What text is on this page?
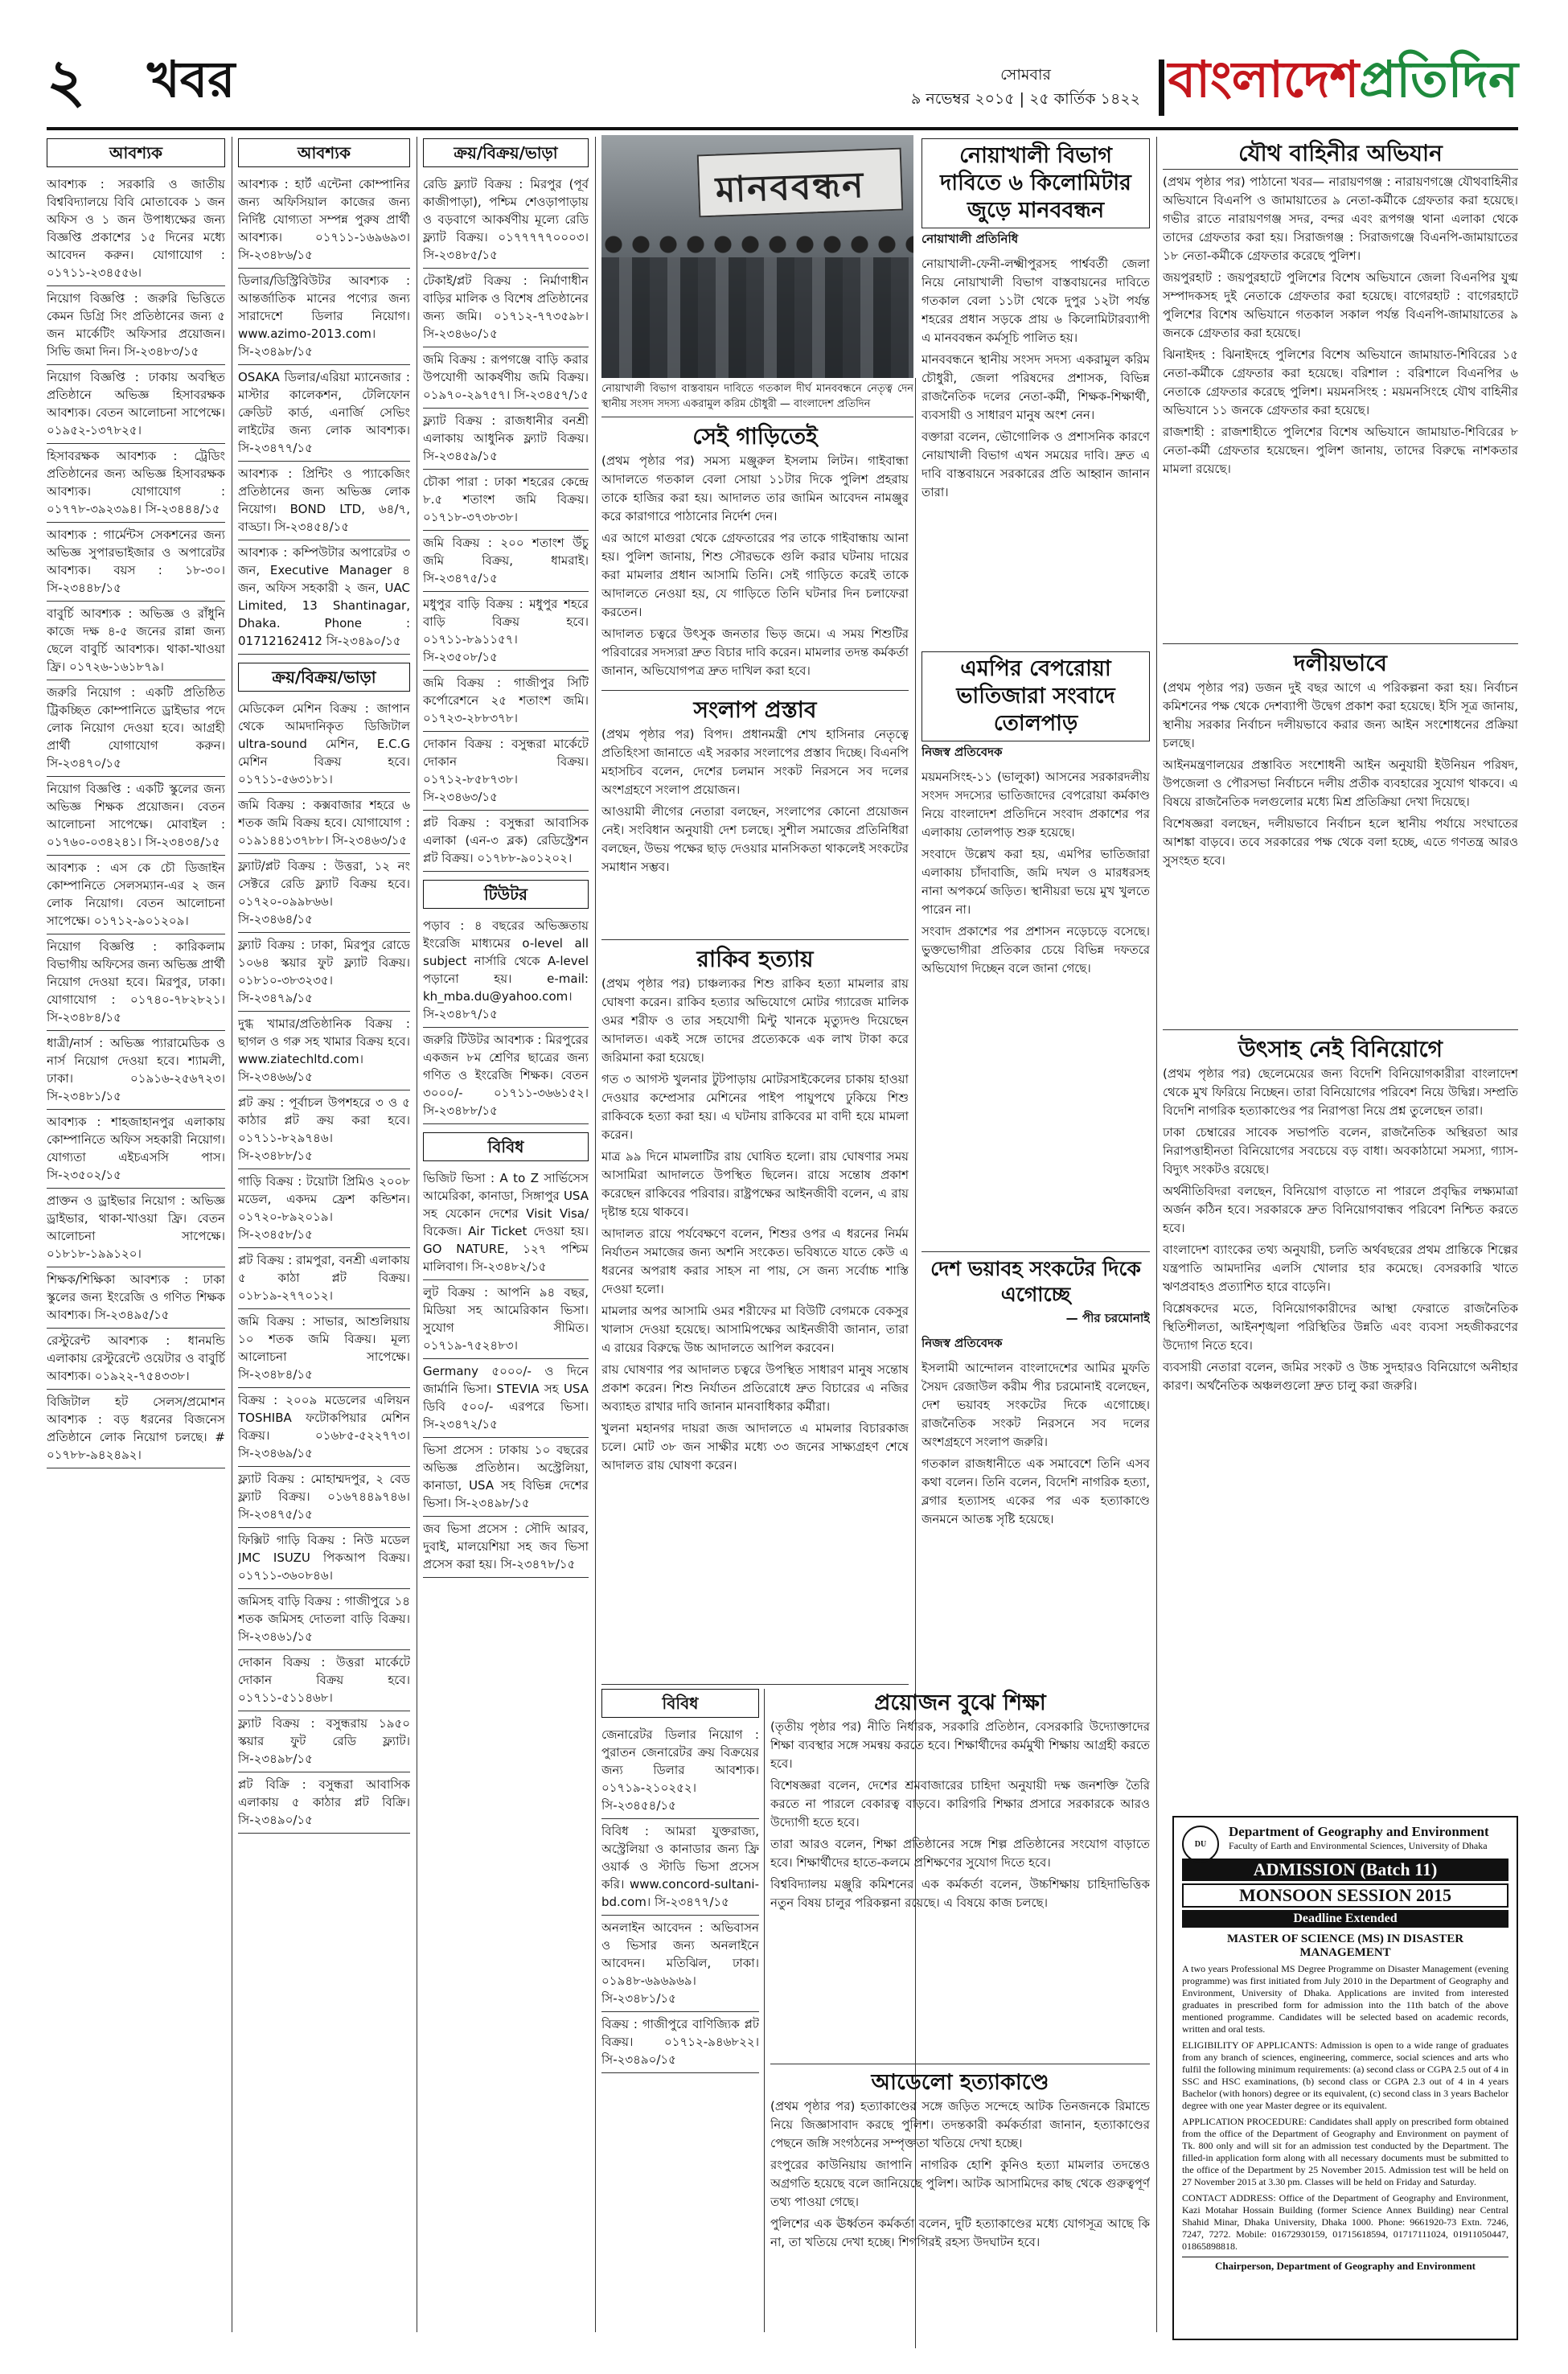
২ খবর	সোমবার
৯ নভেম্বর ২০১৫ | ২৫ কার্তিক ১৪২২ বাংলাদেশপ্রতিদিন
আবশ্যক

আবশ্যক : সরকারি ও জাতীয় বিশ্ববিদ্যালয়ে বিবি মোতাবেক ১ জন অফিস ও ১ জন উপাধ্যক্ষের জন্য বিজ্ঞপ্তি প্রকাশের ১৫ দিনের মধ্যে আবেদন করুন। যোগাযোগ : ০১৭১১-২৩৪৫৫৬।

নিয়োগ বিজ্ঞপ্তি : জরুরি ভিত্তিতে কেমন ডিগ্রি সিং প্রতিষ্ঠানের জন্য ৫ জন মার্কেটিং অফিসার প্রয়োজন। সিভি জমা দিন। সি-২৩৪৮৩/১৫

নিয়োগ বিজ্ঞপ্তি : ঢাকায় অবস্থিত প্রতিষ্ঠানে অভিজ্ঞ হিসাবরক্ষক আবশ্যক। বেতন আলোচনা সাপেক্ষে। ০১৯৫২-১৩৭৮২৫।

হিসাবরক্ষক আবশ্যক : ট্রেডিং প্রতিষ্ঠানের জন্য অভিজ্ঞ হিসাবরক্ষক আবশ্যক। যোগাযোগ : ০১৭৭৮-৩৯২৩৯৪। সি-২৩৪৪৪/১৫

আবশ্যক : গার্মেন্টস সেকশনের জন্য অভিজ্ঞ সুপারভাইজার ও অপারেটর আবশ্যক। বয়স : ১৮-৩০। সি-২৩৪৪৮/১৫

বাবুর্চি আবশ্যক : অভিজ্ঞ ও রাঁধুনি কাজে দক্ষ ৪-৫ জনের রান্না জন্য ছেলে বাবুর্চি আবশ্যক। থাকা-খাওয়া ফ্রি। ০১৭২৬-১৬১৮৭৯।

জরুরি নিয়োগ : একটি প্রতিষ্ঠিত ট্রিকচ্ছিত কোম্পানিতে ড্রাইভার পদে লোক নিয়োগ দেওয়া হবে। আগ্রহী প্রার্থী যোগাযোগ করুন। সি-২৩৪৭০/১৫

নিয়োগ বিজ্ঞপ্তি : একটি স্কুলের জন্য অভিজ্ঞ শিক্ষক প্রয়োজন। বেতন আলোচনা সাপেক্ষে। মোবাইল : ০১৭৬০-০৩৪২৪১। সি-২৩৪৩৪/১৫

আবশ্যক : এস কে চৌ ডিজাইন কোম্পানিতে সেলসম্যান-এর ২ জন লোক নিয়োগ। বেতন আলোচনা সাপেক্ষে। ০১৭১২-৯০১২০৯।

নিয়োগ বিজ্ঞপ্তি : কারিকলাম বিভাগীয় অফিসের জন্য অভিজ্ঞ প্রার্থী নিয়োগ দেওয়া হবে। মিরপুর, ঢাকা। যোগাযোগ : ০১৭৪০-৭৮২৮২১। সি-২৩৪৮৪/১৫

ধাত্রী/নার্স : অভিজ্ঞ প্যারামেডিক ও নার্স নিয়োগ দেওয়া হবে। শ্যামলী, ঢাকা। ০১৯১৬-২৫৬৭২৩। সি-২৩৪৮১/১৫

আবশ্যক : শাহজাহানপুর এলাকায় কোম্পানিতে অফিস সহকারী নিয়োগ। যোগ্যতা এইচএসসি পাস। সি-২৩৫০২/১৫

প্রাক্তন ও ড্রাইভার নিয়োগ : অভিজ্ঞ ড্রাইভার, থাকা-খাওয়া ফ্রি। বেতন আলোচনা সাপেক্ষে। ০১৮১৮-১৯৯১২০।

শিক্ষক/শিক্ষিকা আবশ্যক : ঢাকা স্কুলের জন্য ইংরেজি ও গণিত শিক্ষক আবশ্যক। সি-২৩৪৯৫/১৫

রেস্টুরেন্ট আবশ্যক : ধানমন্ডি এলাকায় রেস্টুরেন্টে ওয়েটার ও বাবুর্চি আবশ্যক। ০১৯২২-৭৫৪৩৩৮।

বিজিটাল হট সেলস/প্রমোশন আবশ্যক : বড় ধরনের বিজনেস প্রতিষ্ঠানে লোক নিয়োগ চলছে। # ০১৭৮৮-৯৪২৪৯২।

আবশ্যক

আবশ্যক : হার্ট এন্টেনা কোম্পানির জন্য অফিসিয়াল কাজের জন্য নির্দিষ্ট যোগ্যতা সম্পন্ন পুরুষ প্রার্থী আবশ্যক। ০১৭১১-১৬৯৬৯৩। সি-২৩৪৮৬/১৫

ডিলার/ডিস্ট্রিবিউটর আবশ্যক : আন্তর্জাতিক মানের পণ্যের জন্য সারাদেশে ডিলার নিয়োগ। www.azimo-2013.com। সি-২৩৪৯৮/১৫

OSAKA ডিলার/এরিয়া ম্যানেজার : মাস্টার কালেকশন, টেলিফোন ক্রেডিট কার্ড, এনার্জি সেভিং লাইটের জন্য লোক আবশ্যক। সি-২৩৪৭৭/১৫

আবশ্যক : প্রিন্টিং ও প্যাকেজিং প্রতিষ্ঠানের জন্য অভিজ্ঞ লোক নিয়োগ। BOND LTD, ৬৪/৭, বাড্ডা। সি-২৩৪৫৪/১৫

আবশ্যক : কম্পিউটার অপারেটর ৩ জন, Executive Manager ৪ জন, অফিস সহকারী ২ জন, UAC Limited, 13 Shantinagar, Dhaka. Phone : 01712162412 সি-২৩৪৯০/১৫

ক্রয়/বিক্রয়/ভাড়া

মেডিকেল মেশিন বিক্রয় : জাপান থেকে আমদানিকৃত ডিজিটাল ultra-sound মেশিন, E.C.G মেশিন বিক্রয় হবে। ০১৭১১-৫৬৩১৮১।

জমি বিক্রয় : কক্সবাজার শহরে ৬ শতক জমি বিক্রয় হবে। যোগাযোগ : ০১৯১৪৪১৩৭৮৮। সি-২৩৪৬৩/১৫

ফ্ল্যাট/প্লট বিক্রয় : উত্তরা, ১২ নং সেক্টরে রেডি ফ্ল্যাট বিক্রয় হবে। ০১৭২০-০৯৯৮৬৬। সি-২৩৪৬৪/১৫

ফ্ল্যাট বিক্রয় : ঢাকা, মিরপুর রোডে ১০৬৪ স্কয়ার ফুট ফ্ল্যাট বিক্রয়। ০১৮১০-৩৮৩২৩৫। সি-২৩৪৭৯/১৫

দুগ্ধ খামার/প্রতিষ্ঠানিক বিক্রয় : ছাগল ও গরু সহ খামার বিক্রয় হবে। www.ziatechltd.com। সি-২৩৪৬৬/১৫

প্লট ক্রয় : পূর্বাচল উপশহরে ৩ ও ৫ কাঠার প্লট ক্রয় করা হবে। ০১৭১১-৮২৯৭৪৬। সি-২৩৪৮৮/১৫

গাড়ি বিক্রয় : টয়োটা প্রিমিও ২০০৮ মডেল, একদম ফ্রেশ কন্ডিশন। ০১৭২০-৮৯২০১৯। সি-২৩৪৫৮/১৫

প্লট বিক্রয় : রামপুরা, বনশ্রী এলাকায় ৫ কাঠা প্লট বিক্রয়। ০১৮১৯-২৭৭০১২।

জমি বিক্রয় : সাভার, আশুলিয়ায় ১০ শতক জমি বিক্রয়। মূল্য আলোচনা সাপেক্ষে। সি-২৩৪৮৪/১৫

বিক্রয় : ২০০৯ মডেলের এলিয়ন TOSHIBA ফটোকপিয়ার মেশিন বিক্রয়। ০১৬৮৫-৫২২৭৭৩। সি-২৩৪৬৯/১৫

ফ্ল্যাট বিক্রয় : মোহাম্মদপুর, ২ বেড ফ্ল্যাট বিক্রয়। ০১৬৭৪৪৯৭৪৬। সি-২৩৪৭৫/১৫

ফিক্সিট গাড়ি বিক্রয় : নিউ মডেল JMC ISUZU পিকআপ বিক্রয়। ০১৭১১-৩৬০৮৪৬।

জমিসহ বাড়ি বিক্রয় : গাজীপুরে ১৪ শতক জমিসহ দোতলা বাড়ি বিক্রয়। সি-২৩৪৬১/১৫

দোকান বিক্রয় : উত্তরা মার্কেটে দোকান বিক্রয় হবে। ০১৭১১-৫১১৪৬৮।

ফ্ল্যাট বিক্রয় : বসুন্ধরায় ১৯৫০ স্কয়ার ফুট রেডি ফ্ল্যাট। সি-২৩৪৯৮/১৫

প্লট বিক্রি : বসুন্ধরা আবাসিক এলাকায় ৫ কাঠার প্লট বিক্রি। সি-২৩৪৯০/১৫

ক্রয়/বিক্রয়/ভাড়া

রেডি ফ্ল্যাট বিক্রয় : মিরপুর (পূর্ব কাজীপাড়া), পশ্চিম শেওড়াপাড়ায় ও বড়বাগে আকর্ষণীয় মূল্যে রেডি ফ্ল্যাট বিক্রয়। ০১৭৭৭৭৭০০০৩। সি-২৩৪৮৫/১৫

টেকাই/প্লট বিক্রয় : নির্মাণাধীন বাড়ির মালিক ও বিশেষ প্রতিষ্ঠানের জন্য জমি। ০১৭১২-৭৭৩৫৯৮। সি-২৩৪৬০/১৫

জমি বিক্রয় : রূপগঞ্জে বাড়ি করার উপযোগী আকর্ষণীয় জমি বিক্রয়। ০১৯৭০-২৯৭৫৭। সি-২৩৪৫৭/১৫

ফ্ল্যাট বিক্রয় : রাজধানীর বনশ্রী এলাকায় আধুনিক ফ্ল্যাট বিক্রয়। সি-২৩৪৫৯/১৫

চৌকা পারা : ঢাকা শহরের কেন্দ্রে ৮.৫ শতাংশ জমি বিক্রয়। ০১৭১৮-৩৭৩৮৩৮।

জমি বিক্রয় : ২০০ শতাংশ উঁচু জমি বিক্রয়, ধামরাই। সি-২৩৪৭৫/১৫

মধুপুর বাড়ি বিক্রয় : মধুপুর শহরে বাড়ি বিক্রয় হবে। ০১৭১১-৮৯১১৫৭। সি-২৩৫০৮/১৫

জমি বিক্রয় : গাজীপুর সিটি কর্পোরেশনে ২৫ শতাংশ জমি। ০১৭২৩-২৮৮৩৭৮।

দোকান বিক্রয় : বসুন্ধরা মার্কেটে দোকান বিক্রয়। ০১৭১২-৮৫৮৭৩৮। সি-২৩৪৬৩/১৫

প্লট বিক্রয় : বসুন্ধরা আবাসিক এলাকা (এন-৩ ব্লক) রেডিস্ট্রেশন প্লট বিক্রয়। ০১৭৮৮-৯০১২০২।

টিউটর

পড়াব : ৪ বছরের অভিজ্ঞতায় ইংরেজি মাধ্যমের o-level all subject নার্সারি থেকে A-level পড়ানো হয়। e-mail: kh_mba.du@yahoo.com। সি-২৩৪৮৭/১৫

জরুরি টিউটর আবশ্যক : মিরপুরের একজন ৮ম শ্রেণির ছাত্রের জন্য গণিত ও ইংরেজি শিক্ষক। বেতন ৩০০০/- ০১৭১১-৩৬৬১৫২। সি-২৩৪৮৮/১৫

বিবিধ

ভিজিট ভিসা : A to Z সার্ভিসেস আমেরিকা, কানাডা, সিঙ্গাপুর USA সহ যেকোন দেশের Visit Visa/বিকেজ। Air Ticket দেওয়া হয়। GO NATURE, ১২৭ পশ্চিম মালিবাগ। সি-২৩৪৮২/১৫

লুট বিক্রয় : আপনি ৯৪ বছর, মিডিয়া সহ আমেরিকান ভিসা। সুযোগ সীমিত। ০১৭১৯-৭৫২৪৮৩।

Germany ৫০০০/- ও দিনে জার্মানি ভিসা। STEVIA সহ USA ডিবি ৫০০/- এরপরে ভিসা। সি-২৩৪৭২/১৫

ভিসা প্রসেস : ঢাকায় ১০ বছরের অভিজ্ঞ প্রতিষ্ঠান। অস্ট্রেলিয়া, কানাডা, USA সহ বিভিন্ন দেশের ভিসা। সি-২৩৪৯৮/১৫

জব ভিসা প্রসেস : সৌদি আরব, দুবাই, মালয়েশিয়া সহ জব ভিসা প্রসেস করা হয়। সি-২৩৪৭৮/১৫

মানববন্ধন
নোয়াখালী বিভাগ বাস্তবায়ন দাবিতে গতকাল দীর্ঘ মানববন্ধনে নেতৃত্ব দেন স্থানীয় সংসদ সদস্য একরামুল করিম চৌধুরী — বাংলাদেশ প্রতিদিন

নোয়াখালী বিভাগ দাবিতে ৬ কিলোমিটার জুড়ে মানববন্ধন

নোয়াখালী প্রতিনিধি

নোয়াখালী-ফেনী-লক্ষ্মীপুরসহ পার্শ্ববর্তী জেলা নিয়ে নোয়াখালী বিভাগ বাস্তবায়নের দাবিতে গতকাল বেলা ১১টা থেকে দুপুর ১২টা পর্যন্ত শহরের প্রধান সড়কে প্রায় ৬ কিলোমিটারব্যাপী এ মানববন্ধন কর্মসূচি পালিত হয়।

মানববন্ধনে স্থানীয় সংসদ সদস্য একরামুল করিম চৌধুরী, জেলা পরিষদের প্রশাসক, বিভিন্ন রাজনৈতিক দলের নেতা-কর্মী, শিক্ষক-শিক্ষার্থী, ব্যবসায়ী ও সাধারণ মানুষ অংশ নেন।

বক্তারা বলেন, ভৌগোলিক ও প্রশাসনিক কারণে নোয়াখালী বিভাগ এখন সময়ের দাবি। দ্রুত এ দাবি বাস্তবায়নে সরকারের প্রতি আহ্বান জানান তারা।

যৌথ বাহিনীর অভিযান

(প্রথম পৃষ্ঠার পর) পাঠানো খবর— নারায়ণগঞ্জ : নারায়ণগঞ্জে যৌথবাহিনীর অভিযানে বিএনপি ও জামায়াতের ৯ নেতা-কর্মীকে গ্রেফতার করা হয়েছে। গভীর রাতে নারায়ণগঞ্জ সদর, বন্দর এবং রূপগঞ্জ থানা এলাকা থেকে তাদের গ্রেফতার করা হয়। সিরাজগঞ্জ : সিরাজগঞ্জে বিএনপি-জামায়াতের ১৮ নেতা-কর্মীকে গ্রেফতার করেছে পুলিশ।

জয়পুরহাট : জয়পুরহাটে পুলিশের বিশেষ অভিযানে জেলা বিএনপির যুগ্ম সম্পাদকসহ দুই নেতাকে গ্রেফতার করা হয়েছে। বাগেরহাট : বাগেরহাটে পুলিশের বিশেষ অভিযানে গতকাল সকাল পর্যন্ত বিএনপি-জামায়াতের ৯ জনকে গ্রেফতার করা হয়েছে।

ঝিনাইদহ : ঝিনাইদহে পুলিশের বিশেষ অভিযানে জামায়াত-শিবিরের ১৫ নেতা-কর্মীকে গ্রেফতার করা হয়েছে। বরিশাল : বরিশালে বিএনপির ৬ নেতাকে গ্রেফতার করেছে পুলিশ। ময়মনসিংহ : ময়মনসিংহে যৌথ বাহিনীর অভিযানে ১১ জনকে গ্রেফতার করা হয়েছে।

রাজশাহী : রাজশাহীতে পুলিশের বিশেষ অভিযানে জামায়াত-শিবিরের ৮ নেতা-কর্মী গ্রেফতার হয়েছেন। পুলিশ জানায়, তাদের বিরুদ্ধে নাশকতার মামলা রয়েছে।

দলীয়ভাবে

(প্রথম পৃষ্ঠার পর) ডজন দুই বছর আগে এ পরিকল্পনা করা হয়। নির্বাচন কমিশনের পক্ষ থেকে দেশব্যাপী উদ্বেগ প্রকাশ করা হয়েছে। ইসি সূত্র জানায়, স্থানীয় সরকার নির্বাচন দলীয়ভাবে করার জন্য আইন সংশোধনের প্রক্রিয়া চলছে।

আইনমন্ত্রণালয়ের প্রস্তাবিত সংশোধনী আইন অনুযায়ী ইউনিয়ন পরিষদ, উপজেলা ও পৌরসভা নির্বাচনে দলীয় প্রতীক ব্যবহারের সুযোগ থাকবে। এ বিষয়ে রাজনৈতিক দলগুলোর মধ্যে মিশ্র প্রতিক্রিয়া দেখা দিয়েছে।

বিশেষজ্ঞরা বলছেন, দলীয়ভাবে নির্বাচন হলে স্থানীয় পর্যায়ে সংঘাতের আশঙ্কা বাড়বে। তবে সরকারের পক্ষ থেকে বলা হচ্ছে, এতে গণতন্ত্র আরও সুসংহত হবে।

উৎসাহ নেই বিনিয়োগে

(প্রথম পৃষ্ঠার পর) ছেলেমেয়ের জন্য বিদেশি বিনিয়োগকারীরা বাংলাদেশ থেকে মুখ ফিরিয়ে নিচ্ছেন। তারা বিনিয়োগের পরিবেশ নিয়ে উদ্বিগ্ন। সম্প্রতি বিদেশি নাগরিক হত্যাকাণ্ডের পর নিরাপত্তা নিয়ে প্রশ্ন তুলেছেন তারা।

ঢাকা চেম্বারের সাবেক সভাপতি বলেন, রাজনৈতিক অস্থিরতা আর নিরাপত্তাহীনতা বিনিয়োগের সবচেয়ে বড় বাধা। অবকাঠামো সমস্যা, গ্যাস-বিদ্যুৎ সংকটও রয়েছে।

অর্থনীতিবিদরা বলছেন, বিনিয়োগ বাড়াতে না পারলে প্রবৃদ্ধির লক্ষ্যমাত্রা অর্জন কঠিন হবে। সরকারকে দ্রুত বিনিয়োগবান্ধব পরিবেশ নিশ্চিত করতে হবে।

বাংলাদেশ ব্যাংকের তথ্য অনুযায়ী, চলতি অর্থবছরের প্রথম প্রান্তিকে শিল্পের যন্ত্রপাতি আমদানির এলসি খোলার হার কমেছে। বেসরকারি খাতে ঋণপ্রবাহও প্রত্যাশিত হারে বাড়েনি।

বিশ্লেষকদের মতে, বিনিয়োগকারীদের আস্থা ফেরাতে রাজনৈতিক স্থিতিশীলতা, আইনশৃঙ্খলা পরিস্থিতির উন্নতি এবং ব্যবসা সহজীকরণের উদ্যোগ নিতে হবে।

ব্যবসায়ী নেতারা বলেন, জমির সংকট ও উচ্চ সুদহারও বিনিয়োগে অনীহার কারণ। অর্থনৈতিক অঞ্চলগুলো দ্রুত চালু করা জরুরি।

সেই গাড়িতেই

(প্রথম পৃষ্ঠার পর) সমস্য মঞ্জুরুল ইসলাম লিটন। গাইবান্ধা আদালতে গতকাল বেলা সোয়া ১১টার দিকে পুলিশ প্রহরায় তাকে হাজির করা হয়। আদালত তার জামিন আবেদন নামঞ্জুর করে কারাগারে পাঠানোর নির্দেশ দেন।

এর আগে মাগুরা থেকে গ্রেফতারের পর তাকে গাইবান্ধায় আনা হয়। পুলিশ জানায়, শিশু সৌরভকে গুলি করার ঘটনায় দায়ের করা মামলার প্রধান আসামি তিনি। সেই গাড়িতে করেই তাকে আদালতে নেওয়া হয়, যে গাড়িতে তিনি ঘটনার দিন চলাফেরা করতেন।

আদালত চত্বরে উৎসুক জনতার ভিড় জমে। এ সময় শিশুটির পরিবারের সদস্যরা দ্রুত বিচার দাবি করেন। মামলার তদন্ত কর্মকর্তা জানান, অভিযোগপত্র দ্রুত দাখিল করা হবে।

সংলাপ প্রস্তাব

(প্রথম পৃষ্ঠার পর) বিপদ। প্রধানমন্ত্রী শেখ হাসিনার নেতৃত্বে প্রতিহিংসা জানাতে এই সরকার সংলাপের প্রস্তাব দিচ্ছে। বিএনপি মহাসচিব বলেন, দেশের চলমান সংকট নিরসনে সব দলের অংশগ্রহণে সংলাপ প্রয়োজন।

আওয়ামী লীগের নেতারা বলছেন, সংলাপের কোনো প্রয়োজন নেই। সংবিধান অনুযায়ী দেশ চলছে। সুশীল সমাজের প্রতিনিধিরা বলছেন, উভয় পক্ষের ছাড় দেওয়ার মানসিকতা থাকলেই সংকটের সমাধান সম্ভব।

রাকিব হত্যায়

(প্রথম পৃষ্ঠার পর) চাঞ্চল্যকর শিশু রাকিব হত্যা মামলার রায় ঘোষণা করেন। রাকিব হত্যার অভিযোগে মোটর গ্যারেজ মালিক ওমর শরীফ ও তার সহযোগী মিন্টু খানকে মৃত্যুদণ্ড দিয়েছেন আদালত। একই সঙ্গে তাদের প্রত্যেককে এক লাখ টাকা করে জরিমানা করা হয়েছে।

গত ৩ আগস্ট খুলনার টুটপাড়ায় মোটরসাইকেলের চাকায় হাওয়া দেওয়ার কম্প্রেসার মেশিনের পাইপ পায়ুপথে ঢুকিয়ে শিশু রাকিবকে হত্যা করা হয়। এ ঘটনায় রাকিবের মা বাদী হয়ে মামলা করেন।

মাত্র ৯৯ দিনে মামলাটির রায় ঘোষিত হলো। রায় ঘোষণার সময় আসামিরা আদালতে উপস্থিত ছিলেন। রায়ে সন্তোষ প্রকাশ করেছেন রাকিবের পরিবার। রাষ্ট্রপক্ষের আইনজীবী বলেন, এ রায় দৃষ্টান্ত হয়ে থাকবে।

আদালত রায়ে পর্যবেক্ষণে বলেন, শিশুর ওপর এ ধরনের নির্মম নির্যাতন সমাজের জন্য অশনি সংকেত। ভবিষ্যতে যাতে কেউ এ ধরনের অপরাধ করার সাহস না পায়, সে জন্য সর্বোচ্চ শাস্তি দেওয়া হলো।

মামলার অপর আসামি ওমর শরীফের মা বিউটি বেগমকে বেকসুর খালাস দেওয়া হয়েছে। আসামিপক্ষের আইনজীবী জানান, তারা এ রায়ের বিরুদ্ধে উচ্চ আদালতে আপিল করবেন।

রায় ঘোষণার পর আদালত চত্বরে উপস্থিত সাধারণ মানুষ সন্তোষ প্রকাশ করেন। শিশু নির্যাতন প্রতিরোধে দ্রুত বিচারের এ নজির অব্যাহত রাখার দাবি জানান মানবাধিকার কর্মীরা।

খুলনা মহানগর দায়রা জজ আদালতে এ মামলার বিচারকাজ চলে। মোট ৩৮ জন সাক্ষীর মধ্যে ৩৩ জনের সাক্ষ্যগ্রহণ শেষে আদালত রায় ঘোষণা করেন।

এমপির বেপরোয়া ভাতিজারা সংবাদে তোলপাড়

নিজস্ব প্রতিবেদক

ময়মনসিংহ-১১ (ভালুকা) আসনের সরকারদলীয় সংসদ সদস্যের ভাতিজাদের বেপরোয়া কর্মকাণ্ড নিয়ে বাংলাদেশ প্রতিদিনে সংবাদ প্রকাশের পর এলাকায় তোলপাড় শুরু হয়েছে।

সংবাদে উল্লেখ করা হয়, এমপির ভাতিজারা এলাকায় চাঁদাবাজি, জমি দখল ও মারধরসহ নানা অপকর্মে জড়িত। স্থানীয়রা ভয়ে মুখ খুলতে পারেন না।

সংবাদ প্রকাশের পর প্রশাসন নড়েচড়ে বসেছে। ভুক্তভোগীরা প্রতিকার চেয়ে বিভিন্ন দফতরে অভিযোগ দিচ্ছেন বলে জানা গেছে।

দেশ ভয়াবহ সংকটের দিকে এগোচ্ছে

— পীর চরমোনাই

নিজস্ব প্রতিবেদক

ইসলামী আন্দোলন বাংলাদেশের আমির মুফতি সৈয়দ রেজাউল করীম পীর চরমোনাই বলেছেন, দেশ ভয়াবহ সংকটের দিকে এগোচ্ছে। রাজনৈতিক সংকট নিরসনে সব দলের অংশগ্রহণে সংলাপ জরুরি।

গতকাল রাজধানীতে এক সমাবেশে তিনি এসব কথা বলেন। তিনি বলেন, বিদেশি নাগরিক হত্যা, ব্লগার হত্যাসহ একের পর এক হত্যাকাণ্ডে জনমনে আতঙ্ক সৃষ্টি হয়েছে।

বিবিধ

জেনারেটর ডিলার নিয়োগ : পুরাতন জেনারেটর ক্রয় বিক্রয়ের জন্য ডিলার আবশ্যক। ০১৭১৯-২১০২৫২। সি-২৩৪৫৪/১৫

বিবিধ : আমরা যুক্তরাজ্য, অস্ট্রেলিয়া ও কানাডার জন্য ফ্রি ওয়ার্ক ও স্টাডি ভিসা প্রসেস করি। www.concord-sultani-bd.com। সি-২৩৪৭৭/১৫

অনলাইন আবেদন : অভিবাসন ও ভিসার জন্য অনলাইনে আবেদন। মতিঝিল, ঢাকা। ০১৯৪৮-৬৯৬৯৬৯। সি-২৩৪৮১/১৫

বিক্রয় : গাজীপুরে বাণিজ্যিক প্লট বিক্রয়। ০১৭১২-৯৪৬৮২২। সি-২৩৪৯০/১৫

প্রয়োজন বুঝে শিক্ষা

(তৃতীয় পৃষ্ঠার পর) নীতি নির্ধারক, সরকারি প্রতিষ্ঠান, বেসরকারি উদ্যোক্তাদের শিক্ষা ব্যবস্থার সঙ্গে সমন্বয় করতে হবে। শিক্ষার্থীদের কর্মমুখী শিক্ষায় আগ্রহী করতে হবে।

বিশেষজ্ঞরা বলেন, দেশের শ্রমবাজারের চাহিদা অনুযায়ী দক্ষ জনশক্তি তৈরি করতে না পারলে বেকারত্ব বাড়বে। কারিগরি শিক্ষার প্রসারে সরকারকে আরও উদ্যোগী হতে হবে।

তারা আরও বলেন, শিক্ষা প্রতিষ্ঠানের সঙ্গে শিল্প প্রতিষ্ঠানের সংযোগ বাড়াতে হবে। শিক্ষার্থীদের হাতে-কলমে প্রশিক্ষণের সুযোগ দিতে হবে।

বিশ্ববিদ্যালয় মঞ্জুরি কমিশনের এক কর্মকর্তা বলেন, উচ্চশিক্ষায় চাহিদাভিত্তিক নতুন বিষয় চালুর পরিকল্পনা রয়েছে। এ বিষয়ে কাজ চলছে।

আডেলো হত্যাকাণ্ডে

(প্রথম পৃষ্ঠার পর) হত্যাকাণ্ডের সঙ্গে জড়িত সন্দেহে আটক তিনজনকে রিমান্ডে নিয়ে জিজ্ঞাসাবাদ করছে পুলিশ। তদন্তকারী কর্মকর্তারা জানান, হত্যাকাণ্ডের পেছনে জঙ্গি সংগঠনের সম্পৃক্ততা খতিয়ে দেখা হচ্ছে।

রংপুরের কাউনিয়ায় জাপানি নাগরিক হোশি কুনিও হত্যা মামলার তদন্তেও অগ্রগতি হয়েছে বলে জানিয়েছে পুলিশ। আটক আসামিদের কাছ থেকে গুরুত্বপূর্ণ তথ্য পাওয়া গেছে।

পুলিশের এক ঊর্ধ্বতন কর্মকর্তা বলেন, দুটি হত্যাকাণ্ডের মধ্যে যোগসূত্র আছে কি না, তা খতিয়ে দেখা হচ্ছে। শিগগিরই রহস্য উদঘাটন হবে।

DU
Department of Geography and Environment
Faculty of Earth and Environmental Sciences, University of Dhaka
ADMISSION (Batch 11)
MONSOON SESSION 2015
Deadline Extended
MASTER OF SCIENCE (MS) IN DISASTER MANAGEMENT

A two years Professional MS Degree Programme on Disaster Management (evening programme) was first initiated from July 2010 in the Department of Geography and Environment, University of Dhaka. Applications are invited from interested graduates in prescribed form for admission into the 11th batch of the above mentioned programme. Candidates will be selected based on academic records, written and oral tests.

ELIGIBILITY OF APPLICANTS: Admission is open to a wide range of graduates from any branch of sciences, engineering, commerce, social sciences and arts who fulfil the following minimum requirements: (a) second class or CGPA 2.5 out of 4 in SSC and HSC examinations, (b) second class or CGPA 2.3 out of 4 in 4 years Bachelor (with honors) degree or its equivalent, (c) second class in 3 years Bachelor degree with one year Master degree or its equivalent.

APPLICATION PROCEDURE: Candidates shall apply on prescribed form obtained from the office of the Department of Geography and Environment on payment of Tk. 800 only and will sit for an admission test conducted by the Department. The filled-in application form along with all necessary documents must be submitted to the office of the Department by 25 November 2015. Admission test will be held on 27 November 2015 at 3.30 pm. Classes will be held on Friday and Saturday.

CONTACT ADDRESS: Office of the Department of Geography and Environment, Kazi Motahar Hossain Building (former Science Annex Building) near Central Shahid Minar, Dhaka University, Dhaka 1000. Phone: 9661920-73 Extn. 7246, 7247, 7272. Mobile: 01672930159, 01715618594, 01717111024, 01911050447, 01865898818.

Chairperson, Department of Geography and Environment
